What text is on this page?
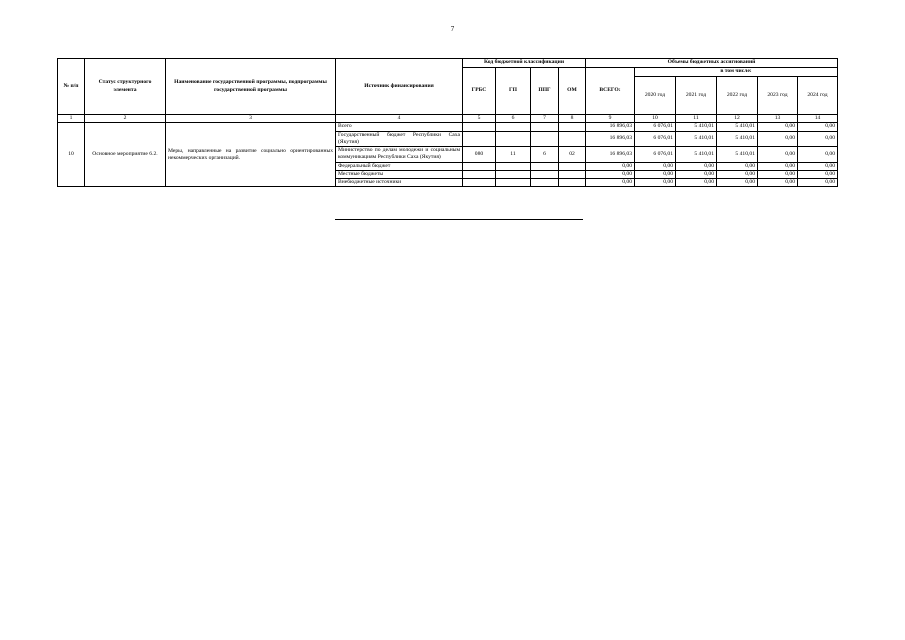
7
№ п/п	Статус структурного элемента	Наименование государственной программы, подпрограммы государственной программы	Источник финансирования	Код бюджетной классификации				Объемы бюджетных ассигнований					
				ГРБС	ГП	ППГ	ОМ	ВСЕГО:	в том числе:				
									2020 год	2021 год	2022 год	2023 год	2024 год
1	2	3	4	5	6	7	8	9	10	11	12	13	14
10	Основное мероприятие 6.2.	Меры, направленные на развитие социально ориентированных некоммерческих организаций.	Всего					16 896,03	6 076,01	5 410,01	5 410,01	0,00	0,00
			Государственный бюджет Республики Саха (Якутия)					16 896,03	6 076,01	5 410,01	5 410,01	0,00	0,00
			Министерство по делам молодежи и социальным коммуникациям Республики Саха (Якутия)	080	11	6	02	16 896,03	6 076,01	5 410,01	5 410,01	0,00	0,00
			Федеральный бюджет					0,00	0,00	0,00	0,00	0,00	0,00
			Местные бюджеты					0,00	0,00	0,00	0,00	0,00	0,00
			Внебюджетные источники					0,00	0,00	0,00	0,00	0,00	0,00
